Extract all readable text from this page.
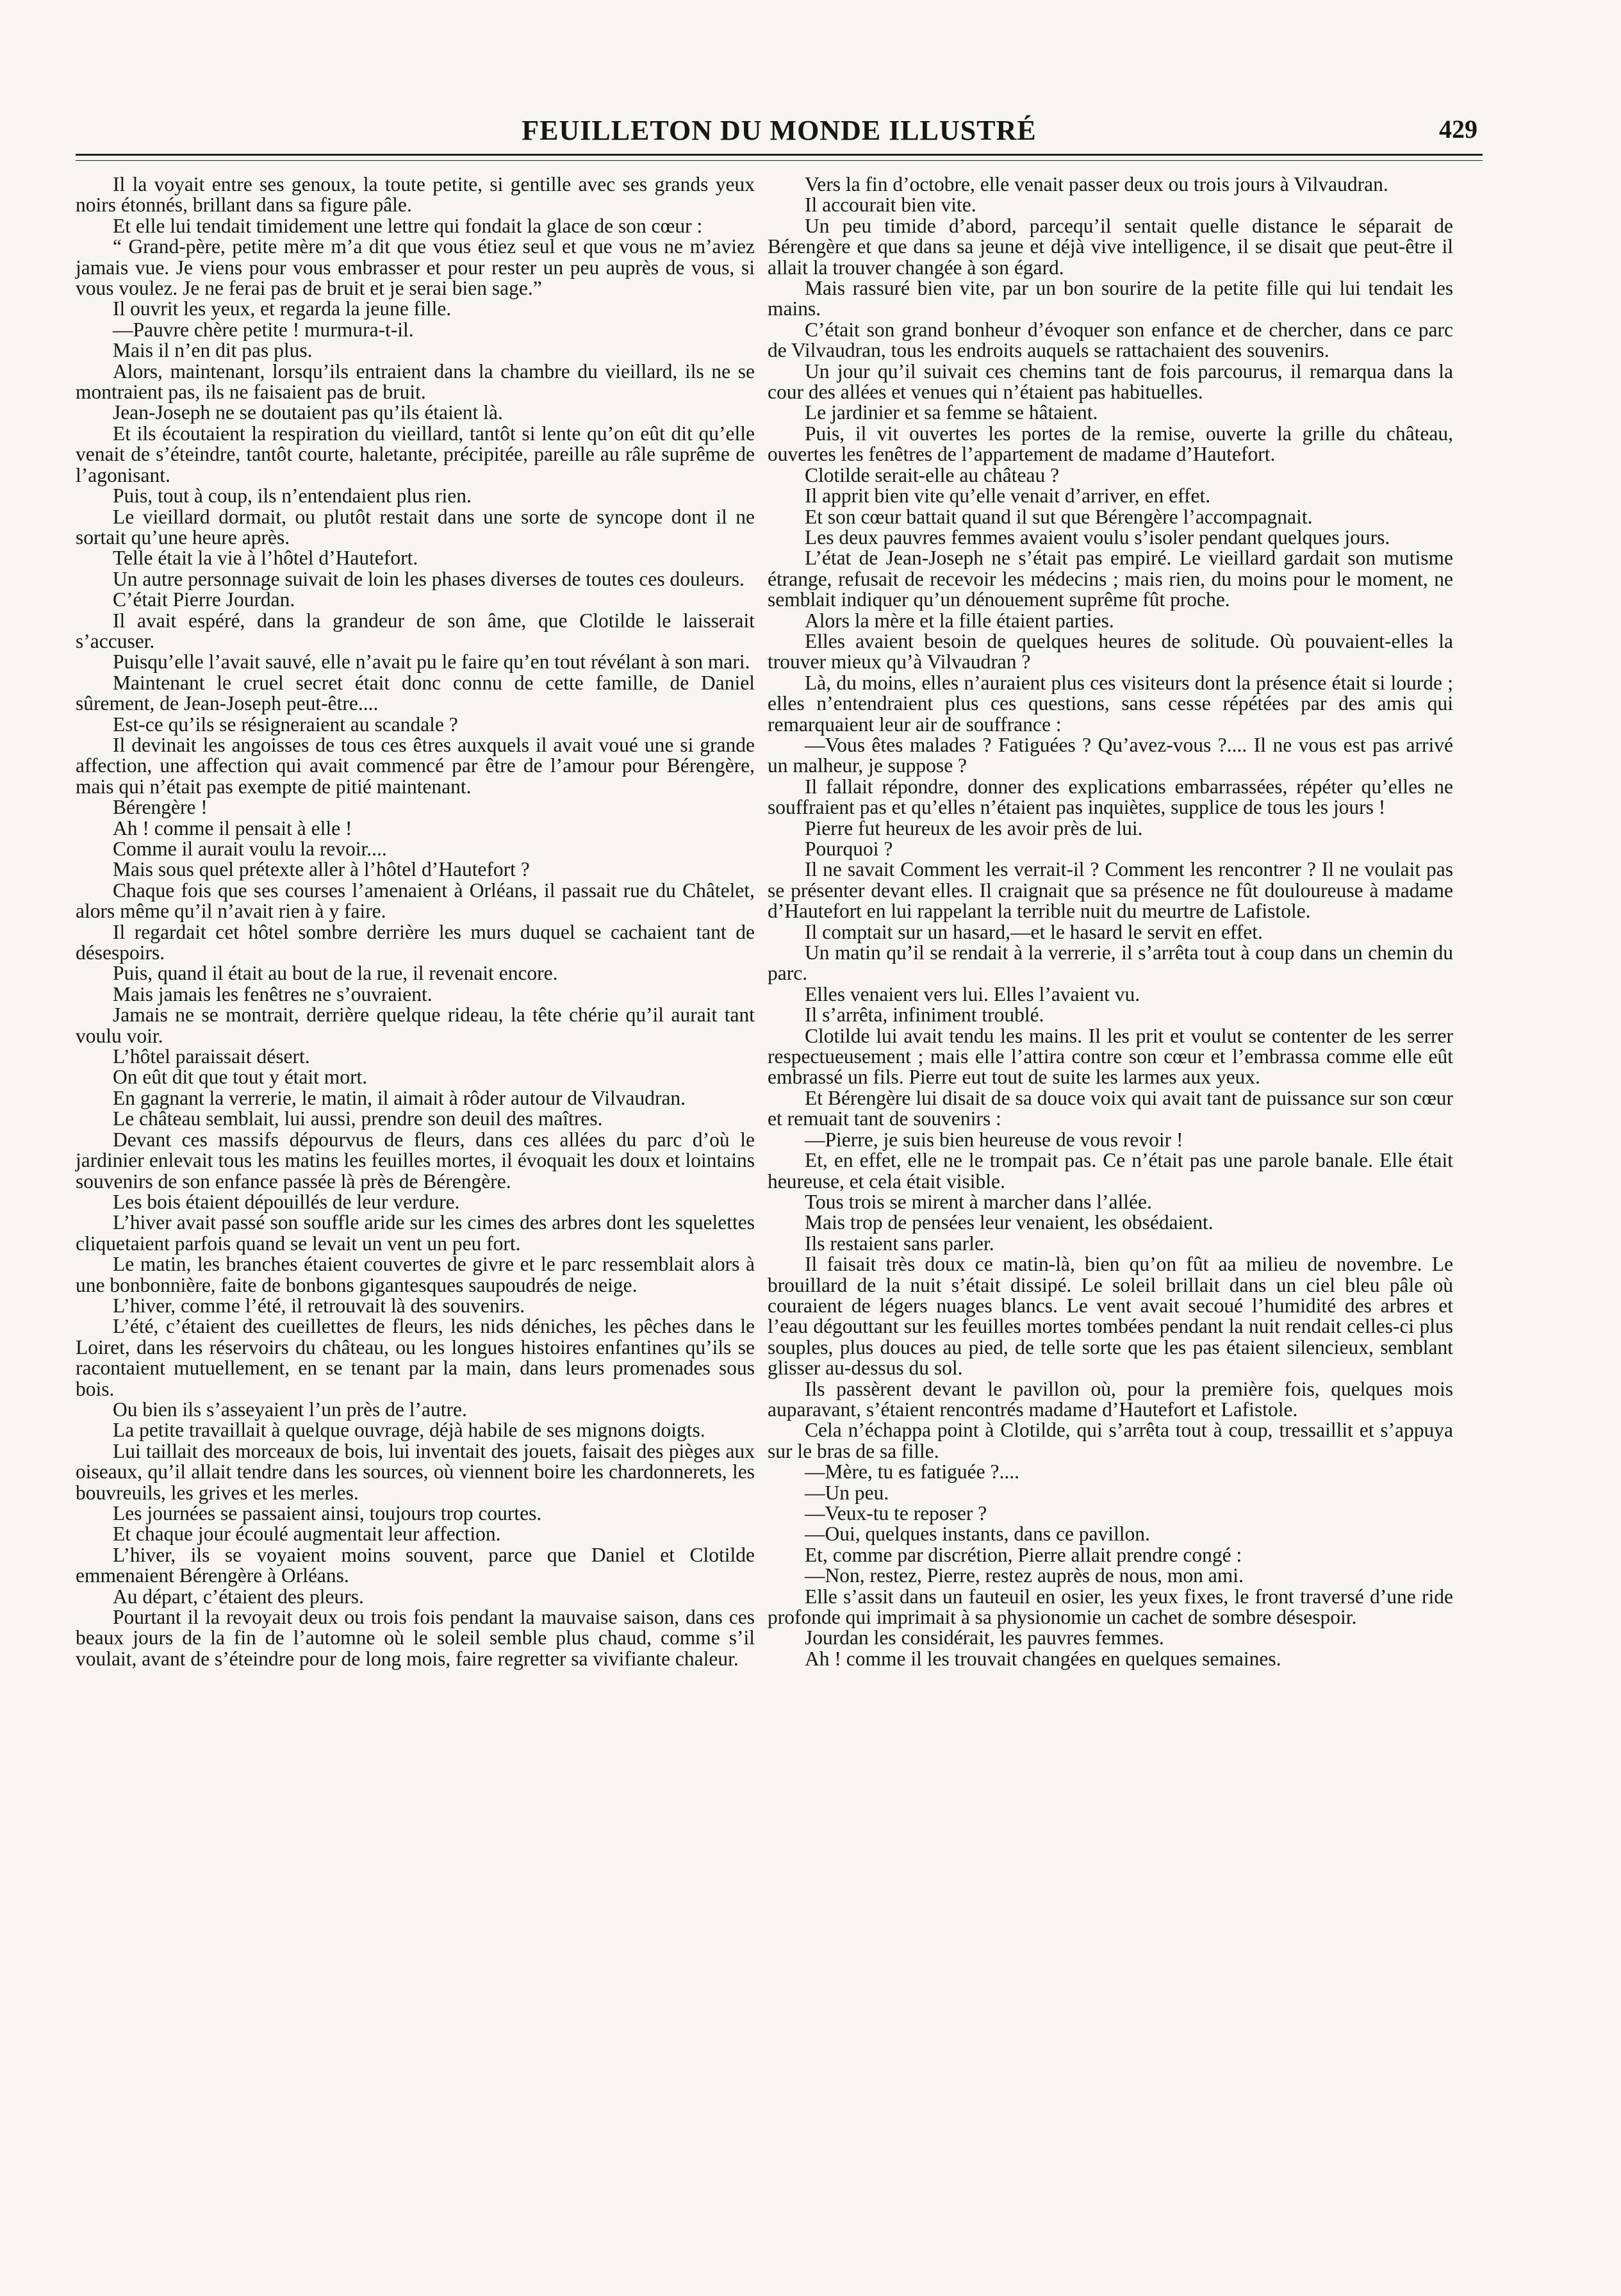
FEUILLETON DU MONDE ILLUSTRÉ	429

Il la voyait entre ses genoux, la toute petite, si gentille avec ses grands yeux noirs étonnés, brillant dans sa figure pâle.

Et elle lui tendait timidement une lettre qui fondait la glace de son cœur :

“ Grand-père, petite mère m’a dit que vous étiez seul et que vous ne m’aviez jamais vue. Je viens pour vous embrasser et pour rester un peu auprès de vous, si vous voulez. Je ne ferai pas de bruit et je serai bien sage.”

Il ouvrit les yeux, et regarda la jeune fille.

—Pauvre chère petite ! murmura-t-il.

Mais il n’en dit pas plus.

Alors, maintenant, lorsqu’ils entraient dans la chambre du vieillard, ils ne se montraient pas, ils ne faisaient pas de bruit.

Jean-Joseph ne se doutaient pas qu’ils étaient là.

Et ils écoutaient la respiration du vieillard, tantôt si lente qu’on eût dit qu’elle venait de s’éteindre, tantôt courte, haletante, précipitée, pareille au râle suprême de l’agonisant.

Puis, tout à coup, ils n’entendaient plus rien.

Le vieillard dormait, ou plutôt restait dans une sorte de syncope dont il ne sortait qu’une heure après.

Telle était la vie à l’hôtel d’Hautefort.

Un autre personnage suivait de loin les phases diverses de toutes ces douleurs.

C’était Pierre Jourdan.

Il avait espéré, dans la grandeur de son âme, que Clotilde le laisserait s’accuser.

Puisqu’elle l’avait sauvé, elle n’avait pu le faire qu’en tout révélant à son mari.

Maintenant le cruel secret était donc connu de cette famille, de Daniel sûrement, de Jean-Joseph peut-être....

Est-ce qu’ils se résigneraient au scandale ?

Il devinait les angoisses de tous ces êtres auxquels il avait voué une si grande affection, une affection qui avait commencé par être de l’amour pour Bérengère, mais qui n’était pas exempte de pitié maintenant.

Bérengère !

Ah ! comme il pensait à elle !

Comme il aurait voulu la revoir....

Mais sous quel prétexte aller à l’hôtel d’Hautefort ?

Chaque fois que ses courses l’amenaient à Orléans, il passait rue du Châtelet, alors même qu’il n’avait rien à y faire.

Il regardait cet hôtel sombre derrière les murs duquel se cachaient tant de désespoirs.

Puis, quand il était au bout de la rue, il revenait encore.

Mais jamais les fenêtres ne s’ouvraient.

Jamais ne se montrait, derrière quelque rideau, la tête chérie qu’il aurait tant voulu voir.

L’hôtel paraissait désert.

On eût dit que tout y était mort.

En gagnant la verrerie, le matin, il aimait à rôder autour de Vilvaudran.

Le château semblait, lui aussi, prendre son deuil des maîtres.

Devant ces massifs dépourvus de fleurs, dans ces allées du parc d’où le jardinier enlevait tous les matins les feuilles mortes, il évoquait les doux et lointains souvenirs de son enfance passée là près de Bérengère.

Les bois étaient dépouillés de leur verdure.

L’hiver avait passé son souffle aride sur les cimes des arbres dont les squelettes cliquetaient parfois quand se levait un vent un peu fort.

Le matin, les branches étaient couvertes de givre et le parc ressemblait alors à une bonbonnière, faite de bonbons gigantesques saupoudrés de neige.

L’hiver, comme l’été, il retrouvait là des souvenirs.

L’été, c’étaient des cueillettes de fleurs, les nids déniches, les pêches dans le Loiret, dans les réservoirs du château, ou les longues histoires enfantines qu’ils se racontaient mutuellement, en se tenant par la main, dans leurs promenades sous bois.

Ou bien ils s’asseyaient l’un près de l’autre.

La petite travaillait à quelque ouvrage, déjà habile de ses mignons doigts.

Lui taillait des morceaux de bois, lui inventait des jouets, faisait des pièges aux oiseaux, qu’il allait tendre dans les sources, où viennent boire les chardonnerets, les bouvreuils, les grives et les merles.

Les journées se passaient ainsi, toujours trop courtes.

Et chaque jour écoulé augmentait leur affection.

L’hiver, ils se voyaient moins souvent, parce que Daniel et Clotilde emmenaient Bérengère à Orléans.

Au départ, c’étaient des pleurs.

Pourtant il la revoyait deux ou trois fois pendant la mauvaise saison, dans ces beaux jours de la fin de l’automne où le soleil semble plus chaud, comme s’il voulait, avant de s’éteindre pour de long mois, faire regretter sa vivifiante chaleur.

Vers la fin d’octobre, elle venait passer deux ou trois jours à Vilvaudran.

Il accourait bien vite.

Un peu timide d’abord, parcequ’il sentait quelle distance le séparait de Bérengère et que dans sa jeune et déjà vive intelligence, il se disait que peut-être il allait la trouver changée à son égard.

Mais rassuré bien vite, par un bon sourire de la petite fille qui lui tendait les mains.

C’était son grand bonheur d’évoquer son enfance et de chercher, dans ce parc de Vilvaudran, tous les endroits auquels se rattachaient des souvenirs.

Un jour qu’il suivait ces chemins tant de fois parcourus, il remarqua dans la cour des allées et venues qui n’étaient pas habituelles.

Le jardinier et sa femme se hâtaient.

Puis, il vit ouvertes les portes de la remise, ouverte la grille du château, ouvertes les fenêtres de l’appartement de madame d’Hautefort.

Clotilde serait-elle au château ?

Il apprit bien vite qu’elle venait d’arriver, en effet.

Et son cœur battait quand il sut que Bérengère l’accompagnait.

Les deux pauvres femmes avaient voulu s’isoler pendant quelques jours.

L’état de Jean-Joseph ne s’était pas empiré. Le vieillard gardait son mutisme étrange, refusait de recevoir les médecins ; mais rien, du moins pour le moment, ne semblait indiquer qu’un dénouement suprême fût proche.

Alors la mère et la fille étaient parties.

Elles avaient besoin de quelques heures de solitude. Où pouvaient-elles la trouver mieux qu’à Vilvaudran ?

Là, du moins, elles n’auraient plus ces visiteurs dont la présence était si lourde ; elles n’entendraient plus ces questions, sans cesse répétées par des amis qui remarquaient leur air de souffrance :

—Vous êtes malades ? Fatiguées ? Qu’avez-vous ?.... Il ne vous est pas arrivé un malheur, je suppose ?

Il fallait répondre, donner des explications embarrassées, répéter qu’elles ne souffraient pas et qu’elles n’étaient pas inquiètes, supplice de tous les jours !

Pierre fut heureux de les avoir près de lui.

Pourquoi ?

Il ne savait Comment les verrait-il ? Comment les rencontrer ? Il ne voulait pas se présenter devant elles. Il craignait que sa présence ne fût douloureuse à madame d’Hautefort en lui rappelant la terrible nuit du meurtre de Lafistole.

Il comptait sur un hasard,—et le hasard le servit en effet.

Un matin qu’il se rendait à la verrerie, il s’arrêta tout à coup dans un chemin du parc.

Elles venaient vers lui. Elles l’avaient vu.

Il s’arrêta, infiniment troublé.

Clotilde lui avait tendu les mains. Il les prit et voulut se contenter de les serrer respectueusement ; mais elle l’attira contre son cœur et l’embrassa comme elle eût embrassé un fils. Pierre eut tout de suite les larmes aux yeux.

Et Bérengère lui disait de sa douce voix qui avait tant de puissance sur son cœur et remuait tant de souvenirs :

—Pierre, je suis bien heureuse de vous revoir !

Et, en effet, elle ne le trompait pas. Ce n’était pas une parole banale. Elle était heureuse, et cela était visible.

Tous trois se mirent à marcher dans l’allée.

Mais trop de pensées leur venaient, les obsédaient.

Ils restaient sans parler.

Il faisait très doux ce matin-là, bien qu’on fût aa milieu de novembre. Le brouillard de la nuit s’était dissipé. Le soleil brillait dans un ciel bleu pâle où couraient de légers nuages blancs. Le vent avait secoué l’humidité des arbres et l’eau dégouttant sur les feuilles mortes tombées pendant la nuit rendait celles-ci plus souples, plus douces au pied, de telle sorte que les pas étaient silencieux, semblant glisser au-dessus du sol.

Ils passèrent devant le pavillon où, pour la première fois, quelques mois auparavant, s’étaient rencontrés madame d’Hautefort et Lafistole.

Cela n’échappa point à Clotilde, qui s’arrêta tout à coup, tressaillit et s’appuya sur le bras de sa fille.

—Mère, tu es fatiguée ?....

—Un peu.

—Veux-tu te reposer ?

—Oui, quelques instants, dans ce pavillon.

Et, comme par discrétion, Pierre allait prendre congé :

—Non, restez, Pierre, restez auprès de nous, mon ami.

Elle s’assit dans un fauteuil en osier, les yeux fixes, le front traversé d’une ride profonde qui imprimait à sa physionomie un cachet de sombre désespoir.

Jourdan les considérait, les pauvres femmes.

Ah ! comme il les trouvait changées en quelques semaines.
